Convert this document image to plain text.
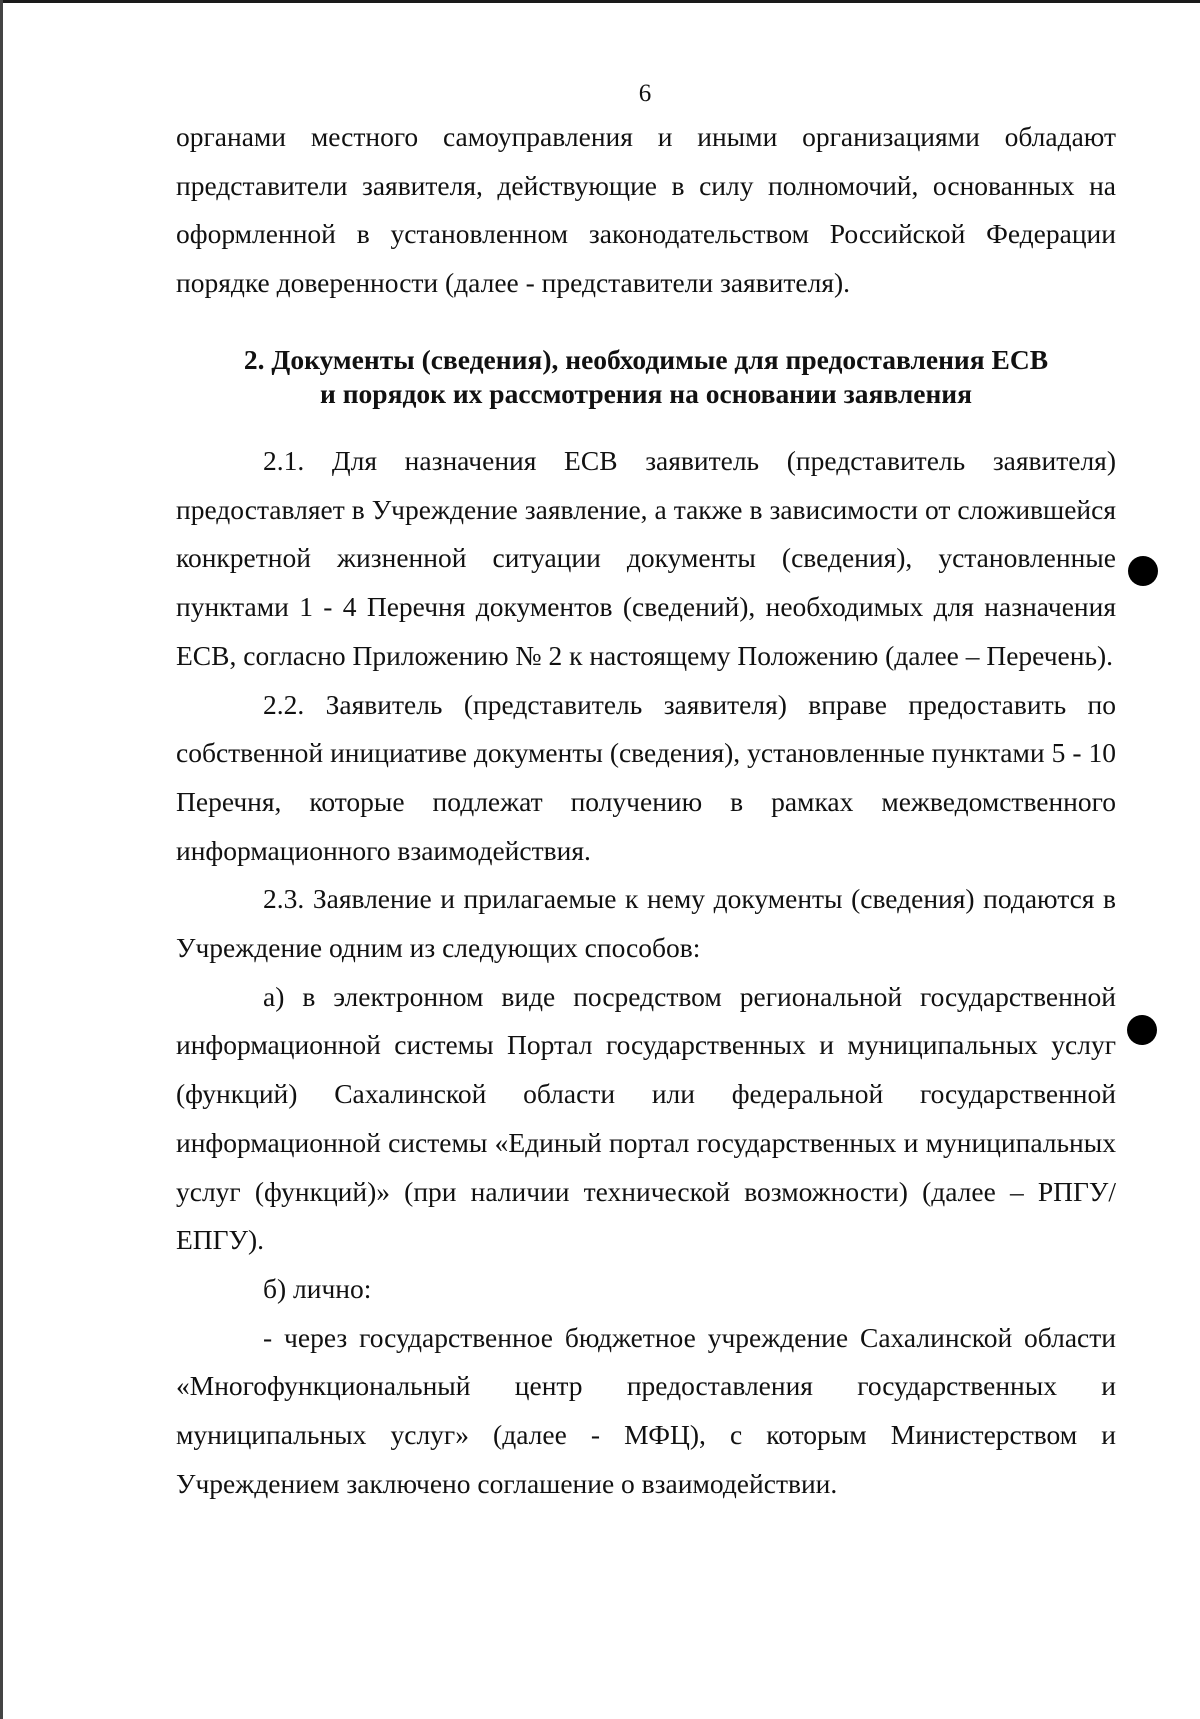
6

органами местного самоуправления и иными организациями обладают представители заявителя, действующие в силу полномочий, основанных на оформленной в установленном законодательством Российской Федерации порядке доверенности (далее - представители заявителя).

2. Документы (сведения), необходимые для предоставления ЕСВ
и порядок их рассмотрения на основании заявления

2.1. Для назначения ЕСВ заявитель (представитель заявителя) предоставляет в Учреждение заявление, а также в зависимости от сложившейся конкретной жизненной ситуации документы (сведения), установленные пунктами 1 - 4 Перечня документов (сведений), необходимых для назначения ЕСВ, согласно Приложению № 2 к настоящему Положению (далее – Перечень).

2.2. Заявитель (представитель заявителя) вправе предоставить по собственной инициативе документы (сведения), установленные пунктами 5 - 10 Перечня, которые подлежат получению в рамках межведомственного информационного взаимодействия.

2.3. Заявление и прилагаемые к нему документы (сведения) подаются в Учреждение одним из следующих способов:

а) в электронном виде посредством региональной государственной информационной системы Портал государственных и муниципальных услуг (функций) Сахалинской области или федеральной государственной информационной системы «Единый портал государственных и муниципальных услуг (функций)» (при наличии технической возможности) (далее – РПГУ/ЕПГУ).

б) лично:

- через государственное бюджетное учреждение Сахалинской области «Многофункциональный центр предоставления государственных и муниципальных услуг» (далее - МФЦ), с которым Министерством и Учреждением заключено соглашение о взаимодействии.
